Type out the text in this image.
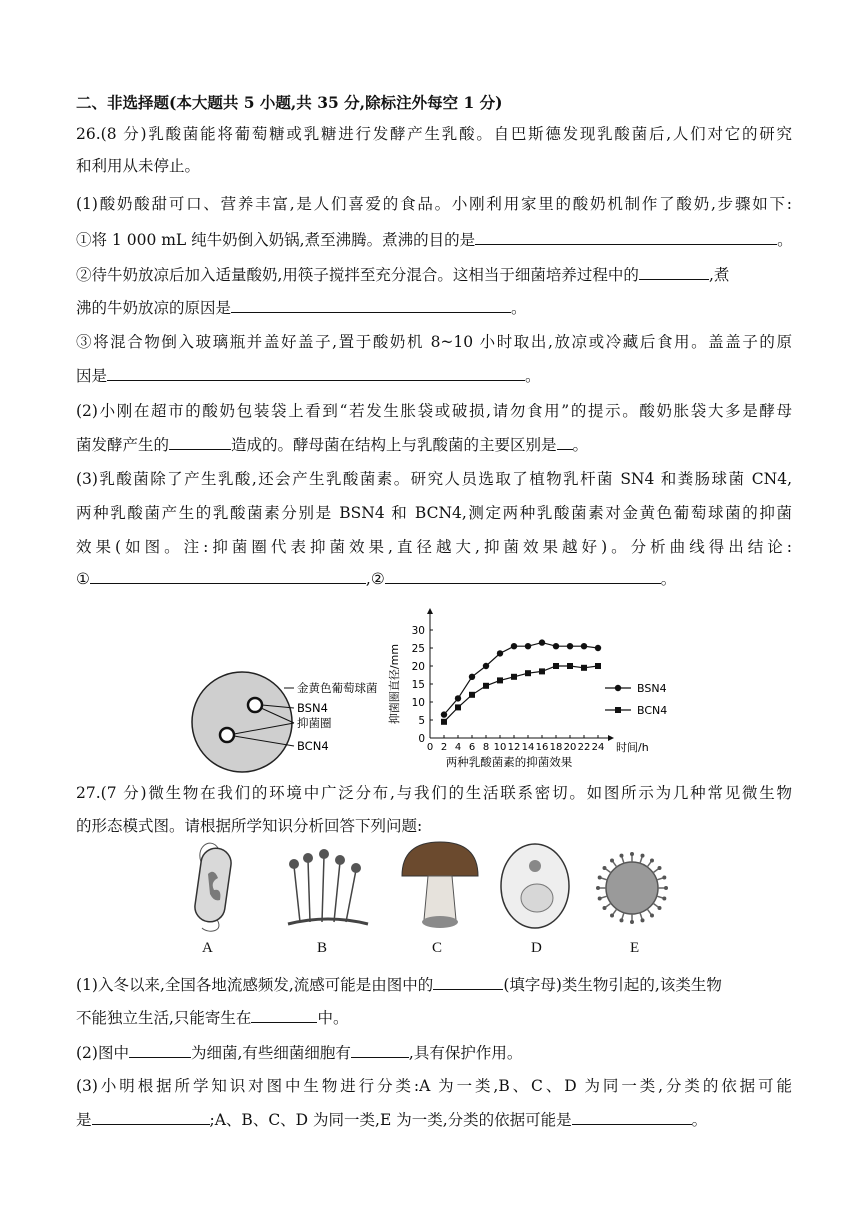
二、非选择题(本大题共 5 小题,共 35 分,除标注外每空 1 分)
26.(8 分)乳酸菌能将葡萄糖或乳糖进行发酵产生乳酸。自巴斯德发现乳酸菌后,人们对它的研究
和利用从未停止。
(1)酸奶酸甜可口、营养丰富,是人们喜爱的食品。小刚利用家里的酸奶机制作了酸奶,步骤如下:
①将 1 000 mL 纯牛奶倒入奶锅,煮至沸腾。煮沸的目的是	。
②待牛奶放凉后加入适量酸奶,用筷子搅拌至充分混合。这相当于细菌培养过程中的	,煮
沸的牛奶放凉的原因是	。
③将混合物倒入玻璃瓶并盖好盖子,置于酸奶机 8~10 小时取出,放凉或冷藏后食用。盖盖子的原
因是	。
(2)小刚在超市的酸奶包装袋上看到“若发生胀袋或破损,请勿食用”的提示。酸奶胀袋大多是酵母
菌发酵产生的	造成的。酵母菌在结构上与乳酸菌的主要区别是 。
(3)乳酸菌除了产生乳酸,还会产生乳酸菌素。研究人员选取了植物乳杆菌 SN4 和粪肠球菌 CN4,
两种乳酸菌产生的乳酸菌素分别是 BSN4 和 BCN4,测定两种乳酸菌素对金黄色葡萄球菌的抑菌
效果(如图。注:抑菌圈代表抑菌效果,直径越大,抑菌效果越好)。分析曲线得出结论:
①	,②	。
金黄色葡萄球菌
BSN4
抑菌圈
BCN4	0
5
10
15
20
25
30
0 2 4 6 8 10 12 14 16 18 20 22 24
抑菌圈直径/mm
时间/h
两种乳酸菌素的抑菌效果
BSN4
BCN4
27.(7 分)微生物在我们的环境中广泛分布,与我们的生活联系密切。如图所示为几种常见微生物
的形态模式图。请根据所学知识分析回答下列问题:
A	B	C	D	E
(1)入冬以来,全国各地流感频发,流感可能是由图中的	(填字母)类生物引起的,该类生物
不能独立生活,只能寄生在	中。
(2)图中	为细菌,有些细菌细胞有	,具有保护作用。
(3)小明根据所学知识对图中生物进行分类:A 为一类,B、C、D 为同一类,分类的依据可能
是	;A、B、C、D 为同一类,E 为一类,分类的依据可能是	。
